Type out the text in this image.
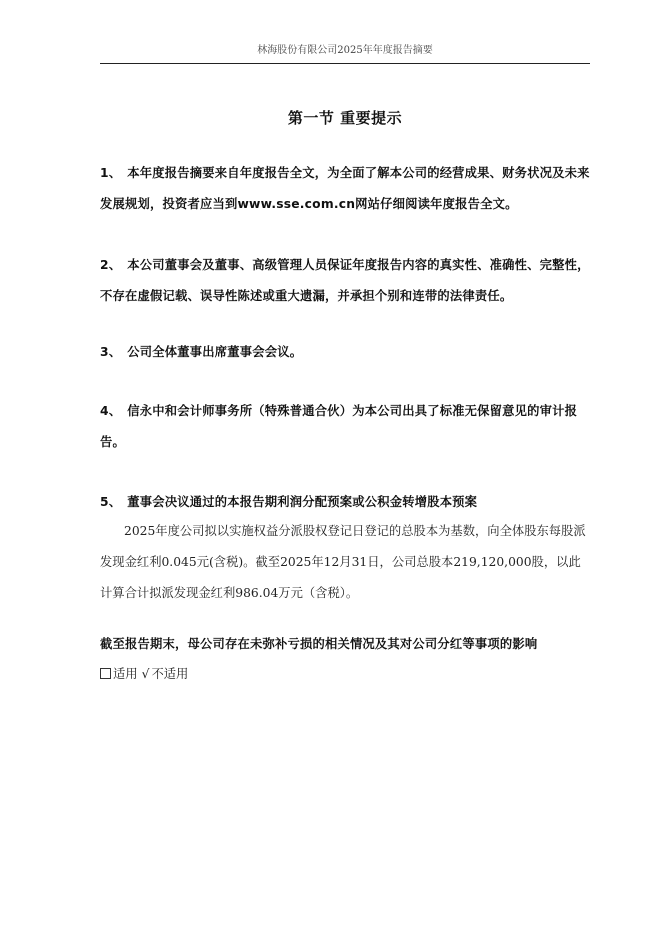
林海股份有限公司2025年年度报告摘要
第一节 重要提示
1、 本年度报告摘要来自年度报告全文，为全面了解本公司的经营成果、财务状况及未来发展规划，投资者应当到www.sse.com.cn网站仔细阅读年度报告全文。
2、 本公司董事会及董事、高级管理人员保证年度报告内容的真实性、准确性、完整性，不存在虚假记载、误导性陈述或重大遗漏，并承担个别和连带的法律责任。
3、 公司全体董事出席董事会会议。
4、 信永中和会计师事务所（特殊普通合伙）为本公司出具了标准无保留意见的审计报告。
5、 董事会决议通过的本报告期利润分配预案或公积金转增股本预案
2025年度公司拟以实施权益分派股权登记日登记的总股本为基数，向全体股东每股派发现金红利0.045元(含税)。截至2025年12月31日，公司总股本219,120,000股，以此计算合计拟派发现金红利986.04万元（含税）。
截至报告期末，母公司存在未弥补亏损的相关情况及其对公司分红等事项的影响
适用 √ 不适用
